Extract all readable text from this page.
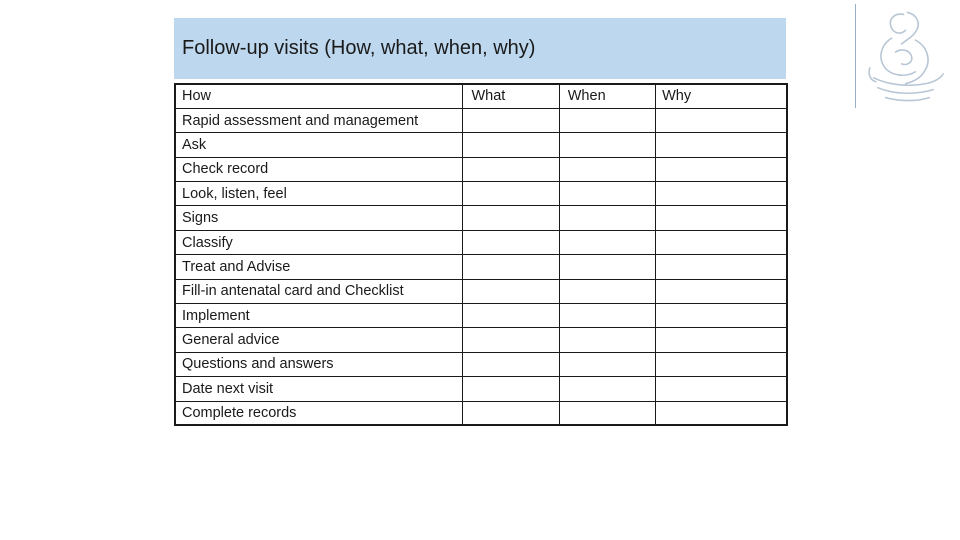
Follow-up visits (How, what, when, why)
How	What	When	Why
Rapid assessment and management			
Ask			
Check record			
Look, listen, feel			
Signs			
Classify			
Treat and Advise			
Fill-in antenatal card and Checklist			
Implement			
General advice			
Questions and answers			
Date next visit			
Complete records			
